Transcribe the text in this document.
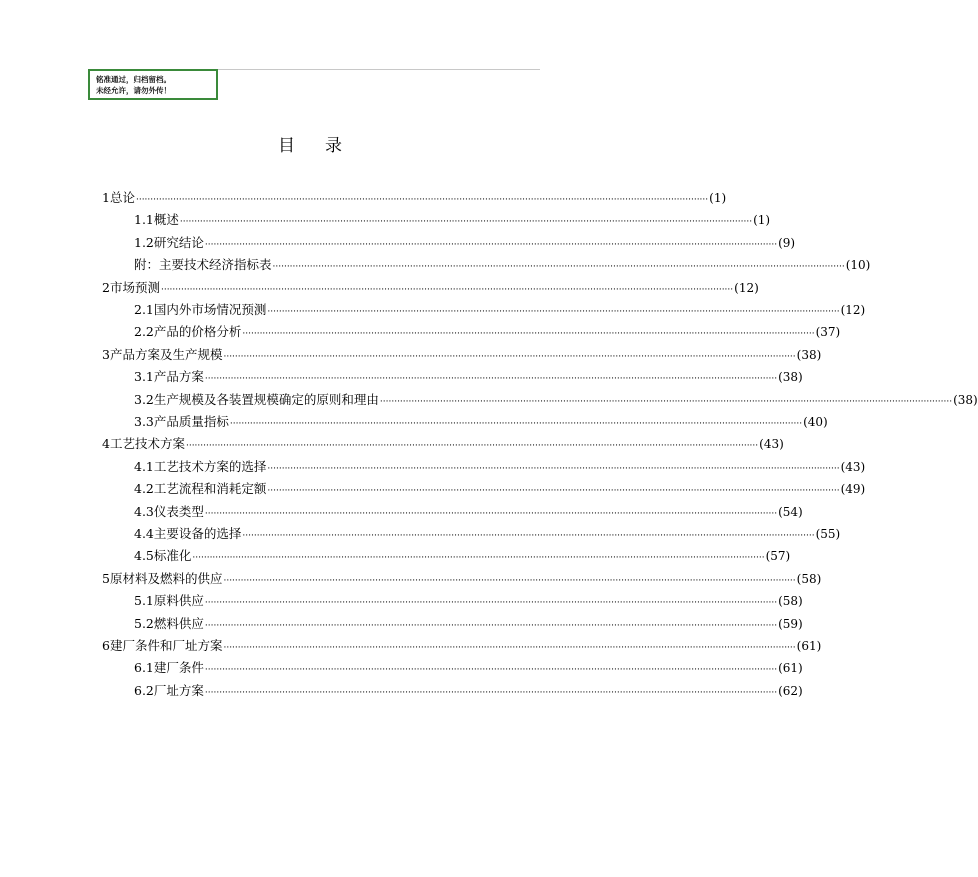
铭准通过，归档留档。
未经允许，请勿外传！
目录
1 总论 ········································································································································································································ (1)
1.1 概述 ········································································································································································································ (1)
1.2 研究结论 ········································································································································································································ (9)
附：主要技术经济指标表 ········································································································································································································ (10)
2 市场预测 ········································································································································································································ (12)
2.1 国内外市场情况预测 ········································································································································································································ (12)
2.2 产品的价格分析 ········································································································································································································ (37)
3 产品方案及生产规模 ········································································································································································································ (38)
3.1 产品方案 ········································································································································································································ (38)
3.2 生产规模及各装置规模确定的原则和理由 ········································································································································································································ (38)
3.3 产品质量指标 ········································································································································································································ (40)
4 工艺技术方案 ········································································································································································································ (43)
4.1 工艺技术方案的选择 ········································································································································································································ (43)
4.2 工艺流程和消耗定额 ········································································································································································································ (49)
4.3 仪表类型 ········································································································································································································ (54)
4.4 主要设备的选择 ········································································································································································································ (55)
4.5 标准化 ········································································································································································································ (57)
5 原材料及燃料的供应 ········································································································································································································ (58)
5.1 原料供应 ········································································································································································································ (58)
5.2 燃料供应 ········································································································································································································ (59)
6 建厂条件和厂址方案 ········································································································································································································ (61)
6.1 建厂条件 ········································································································································································································ (61)
6.2 厂址方案 ········································································································································································································ (62)
